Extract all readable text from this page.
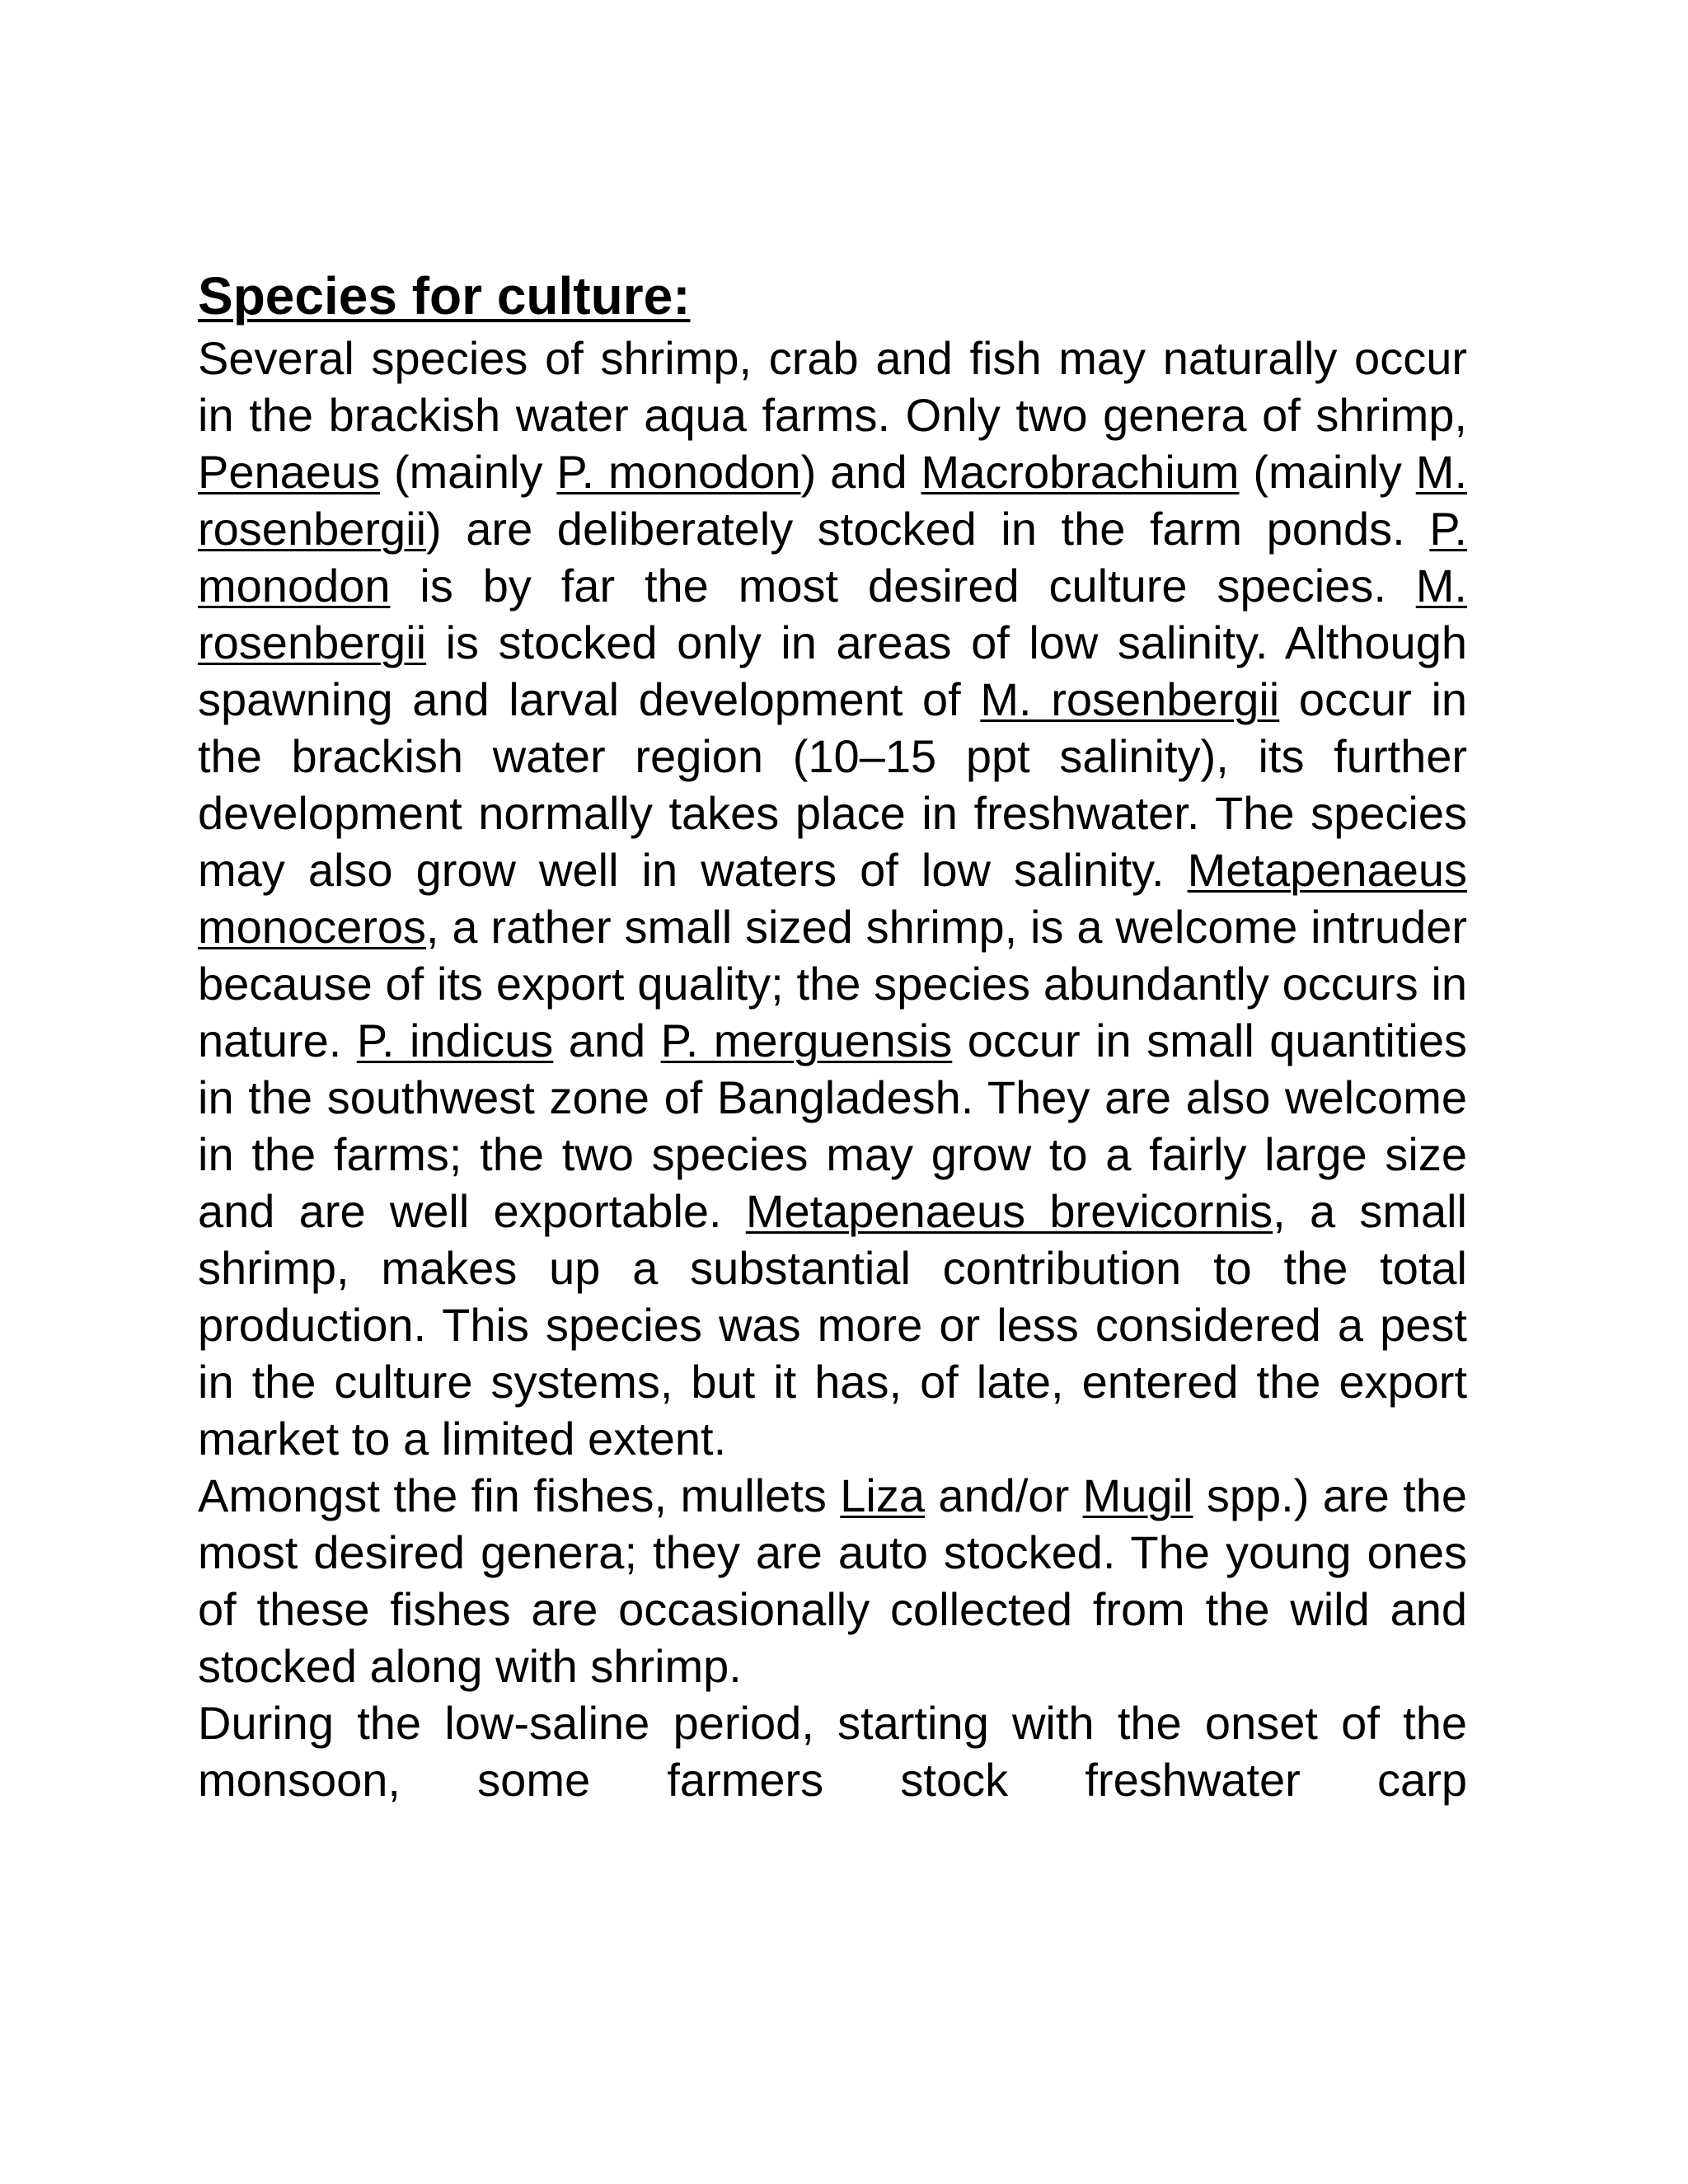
Species for culture:

Several species of shrimp, crab and fish may naturally occur in the brackish water aqua farms. Only two genera of shrimp, Penaeus (mainly P. monodon) and Macrobrachium (mainly M. rosenbergii) are deliberately stocked in the farm ponds. P. monodon is by far the most desired culture species. M. rosenbergii is stocked only in areas of low salinity. Although spawning and larval development of M. rosenbergii occur in the brackish water region (10–15 ppt salinity), its further development normally takes place in freshwater. The species may also grow well in waters of low salinity. Metapenaeus monoceros, a rather small sized shrimp, is a welcome intruder because of its export quality; the species abundantly occurs in nature. P. indicus and P. merguensis occur in small quantities in the southwest zone of Bangladesh. They are also welcome in the farms; the two species may grow to a fairly large size and are well exportable. Metapenaeus brevicornis, a small shrimp, makes up a substantial contribution to the total production. This species was more or less considered a pest in the culture systems, but it has, of late, entered the export market to a limited extent.

Amongst the fin fishes, mullets Liza and/or Mugil spp.) are the most desired genera; they are auto stocked. The young ones of these fishes are occasionally collected from the wild and stocked along with shrimp.

During the low-saline period, starting with the onset of the monsoon, some farmers stock freshwater carp
